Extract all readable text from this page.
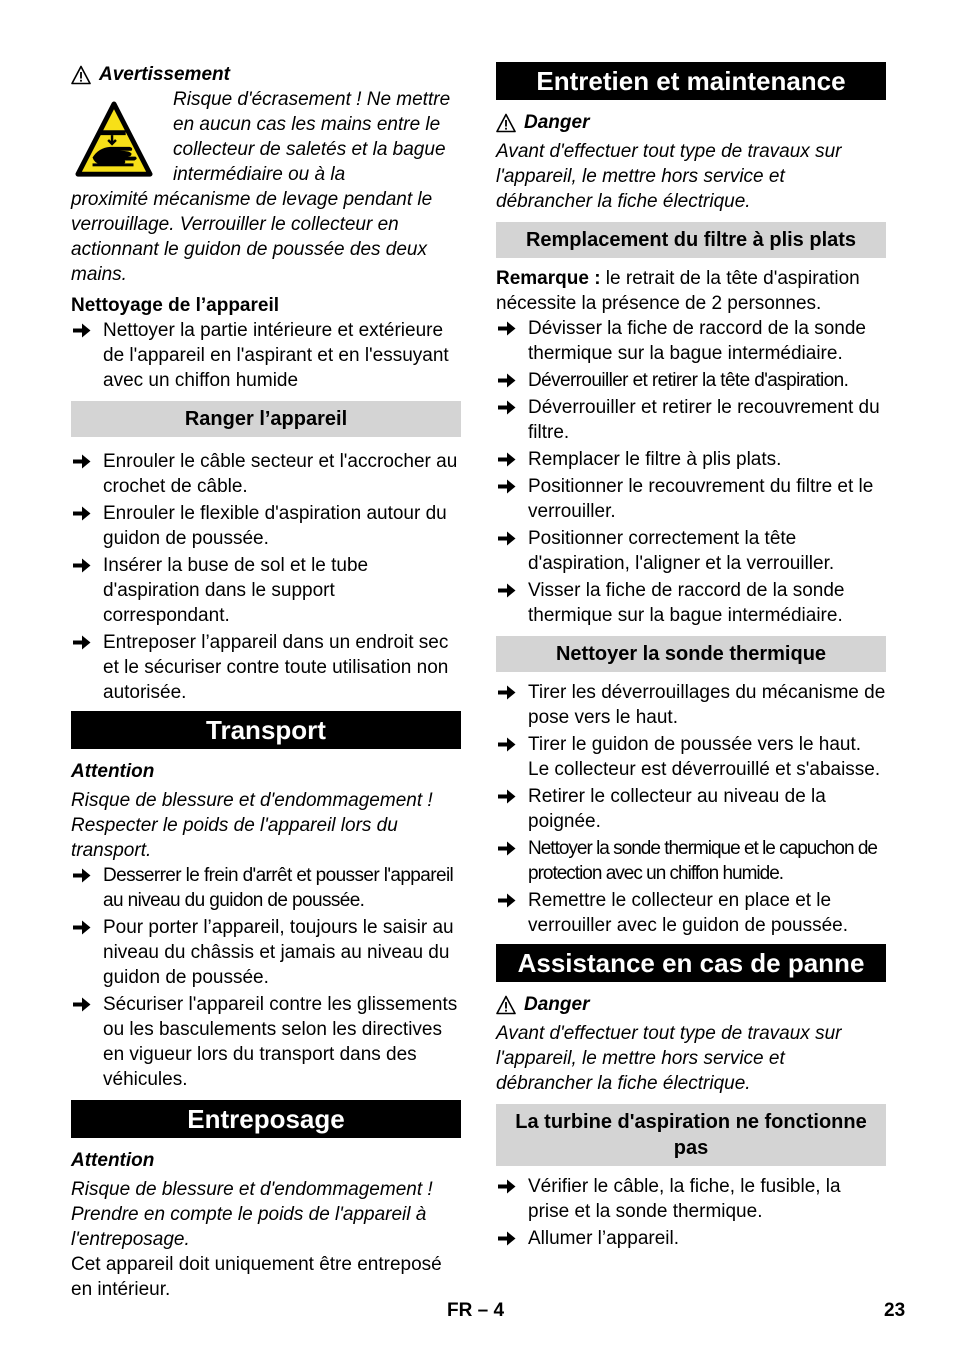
Avertissement
Risque d'écrasement ! Ne mettre en aucun cas les mains entre le collecteur de saletés et la bague intermédiaire ou à la
proximité mécanisme de levage pendant le verrouillage. Verrouiller le collecteur en actionnant le guidon de poussée des deux mains.
Nettoyage de l’appareil
Nettoyer la partie intérieure et extérieure de l'appareil en l'aspirant et en l'essuyant avec un chiffon humide
Ranger l’appareil
Enrouler le câble secteur et l'accrocher au crochet de câble.
Enrouler le flexible d'aspiration autour du guidon de poussée.
Insérer la buse de sol et le tube d'aspiration dans le support correspondant.
Entreposer l’appareil dans un endroit sec et le sécuriser contre toute utilisation non autorisée.
Transport
Attention
Risque de blessure et d'endommagement ! Respecter le poids de l'appareil lors du transport.
Desserrer le frein d'arrêt et pousser l'appareil au niveau du guidon de poussée.
Pour porter l’appareil, toujours le saisir au niveau du châssis et jamais au niveau du guidon de poussée.
Sécuriser l'appareil contre les glissements ou les basculements selon les directives en vigueur lors du transport dans des véhicules.
Entreposage
Attention
Risque de blessure et d'endommagement ! Prendre en compte le poids de l'appareil à l'entreposage.
Cet appareil doit uniquement être entreposé en intérieur.
Entretien et maintenance
Danger
Avant d'effectuer tout type de travaux sur l'appareil, le mettre hors service et débrancher la fiche électrique.
Remplacement du filtre à plis plats
Remarque : le retrait de la tête d'aspiration nécessite la présence de 2 personnes.
Dévisser la fiche de raccord de la sonde thermique sur la bague intermédiaire.
Déverrouiller et retirer la tête d'aspiration.
Déverrouiller et retirer le recouvrement du filtre.
Remplacer le filtre à plis plats.
Positionner le recouvrement du filtre et le verrouiller.
Positionner correctement la tête d'aspiration, l'aligner et la verrouiller.
Visser la fiche de raccord de la sonde thermique sur la bague intermédiaire.
Nettoyer la sonde thermique
Tirer les déverrouillages du mécanisme de pose vers le haut.
Tirer le guidon de poussée vers le haut. Le collecteur est déverrouillé et s'abaisse.
Retirer le collecteur au niveau de la poignée.
Nettoyer la sonde thermique et le capuchon de protection avec un chiffon humide.
Remettre le collecteur en place et le verrouiller avec le guidon de poussée.
Assistance en cas de panne
Danger
Avant d'effectuer tout type de travaux sur l'appareil, le mettre hors service et débrancher la fiche électrique.
La turbine d'aspiration ne fonctionne pas
Vérifier le câble, la fiche, le fusible, la prise et la sonde thermique.
Allumer l’appareil.
FR – 4	23
